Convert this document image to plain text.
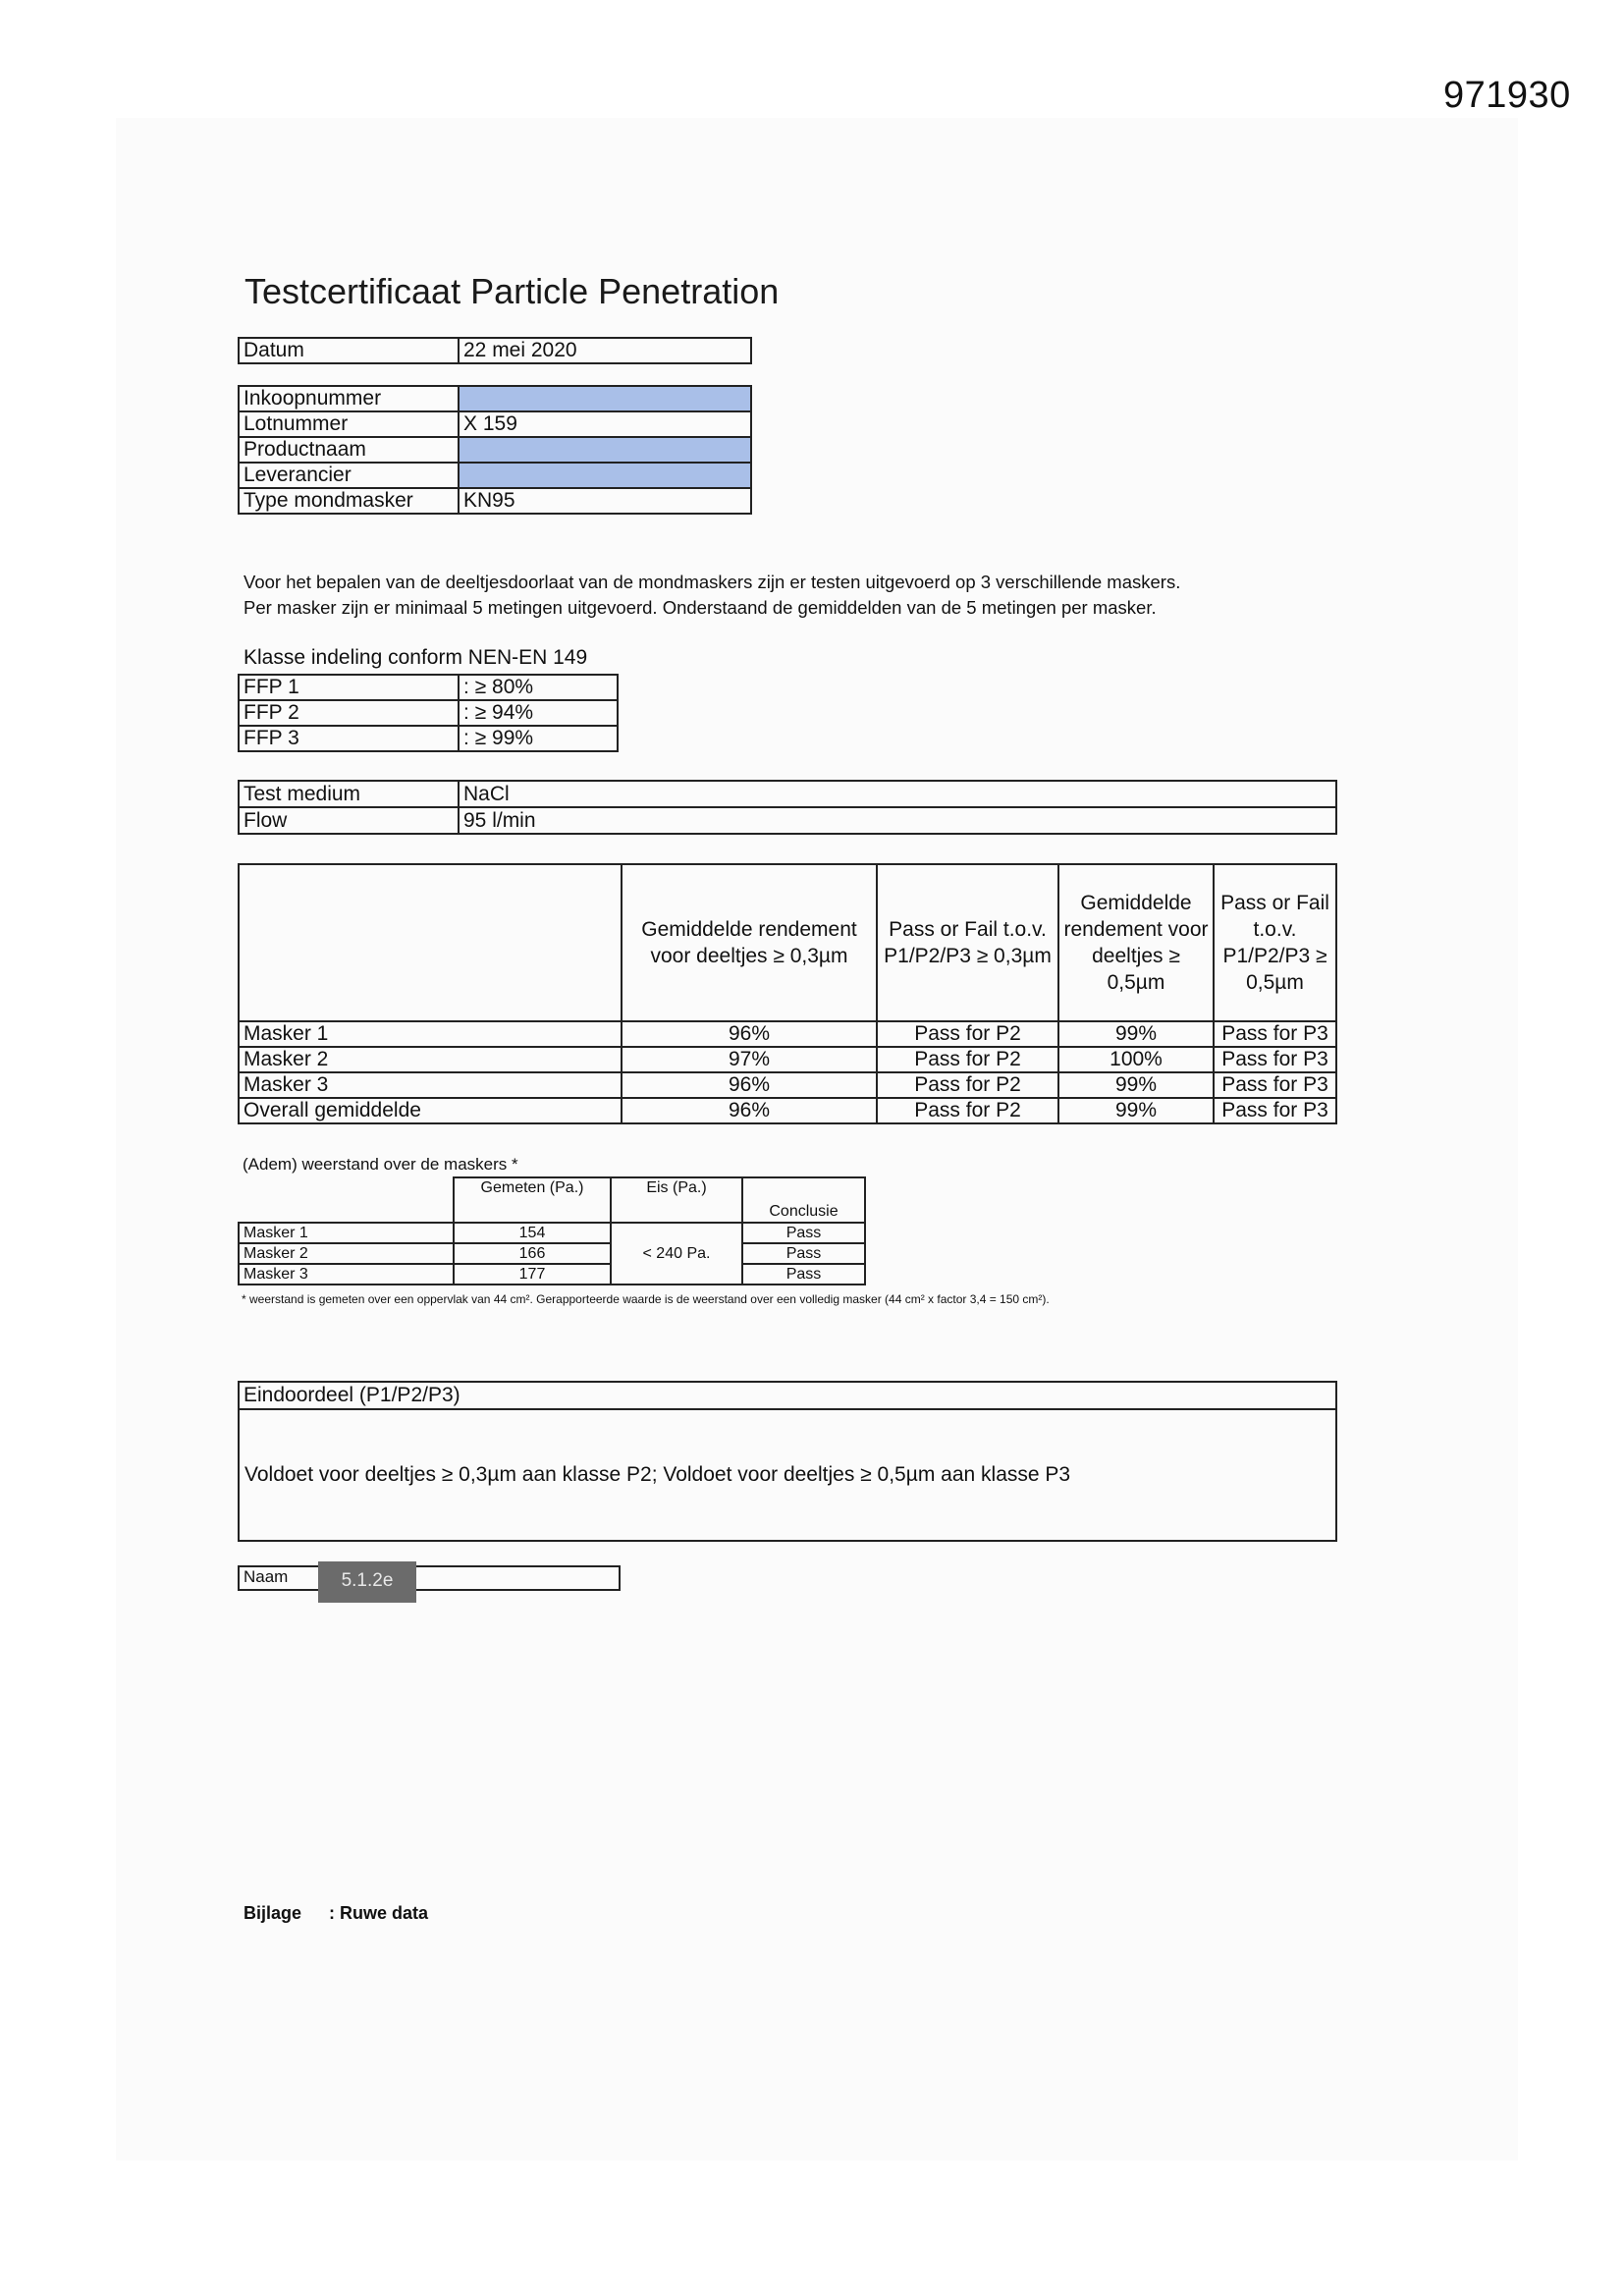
971930
Testcertificaat Particle Penetration
Datum	22 mei 2020
Inkoopnummer	
Lotnummer	X 159
Productnaam	
Leverancier	
Type mondmasker	KN95
Voor het bepalen van de deeltjesdoorlaat van de mondmaskers zijn er testen uitgevoerd op 3 verschillende maskers.
Per masker zijn er minimaal 5 metingen uitgevoerd. Onderstaand de gemiddelden van de 5 metingen per masker.
Klasse indeling conform NEN-EN 149
FFP 1	: ≥ 80%
FFP 2	: ≥ 94%
FFP 3	: ≥ 99%
Test medium	NaCl
Flow	95 l/min
	Gemiddelde rendement voor deeltjes ≥ 0,3µm	Pass or Fail t.o.v. P1/P2/P3 ≥ 0,3µm	Gemiddelde rendement voor deeltjes ≥ 0,5µm	Pass or Fail t.o.v. P1/P2/P3 ≥ 0,5µm
Masker 1	96%	Pass for P2	99%	Pass for P3
Masker 2	97%	Pass for P2	100%	Pass for P3
Masker 3	96%	Pass for P2	99%	Pass for P3
Overall gemiddelde	96%	Pass for P2	99%	Pass for P3
(Adem) weerstand over de maskers *
	Gemeten (Pa.)	Eis (Pa.)	Conclusie
Masker 1	154	< 240 Pa.	Pass
Masker 2	166		Pass
Masker 3	177		Pass
* weerstand is gemeten over een oppervlak van 44 cm². Gerapporteerde waarde is de weerstand over een volledig masker (44 cm² x factor 3,4 = 150 cm²).
Eindoordeel (P1/P2/P3)
Voldoet voor deeltjes ≥ 0,3µm aan klasse P2; Voldoet voor deeltjes ≥ 0,5µm aan klasse P3
Naam	5.1.2e
Bijlage : Ruwe data
